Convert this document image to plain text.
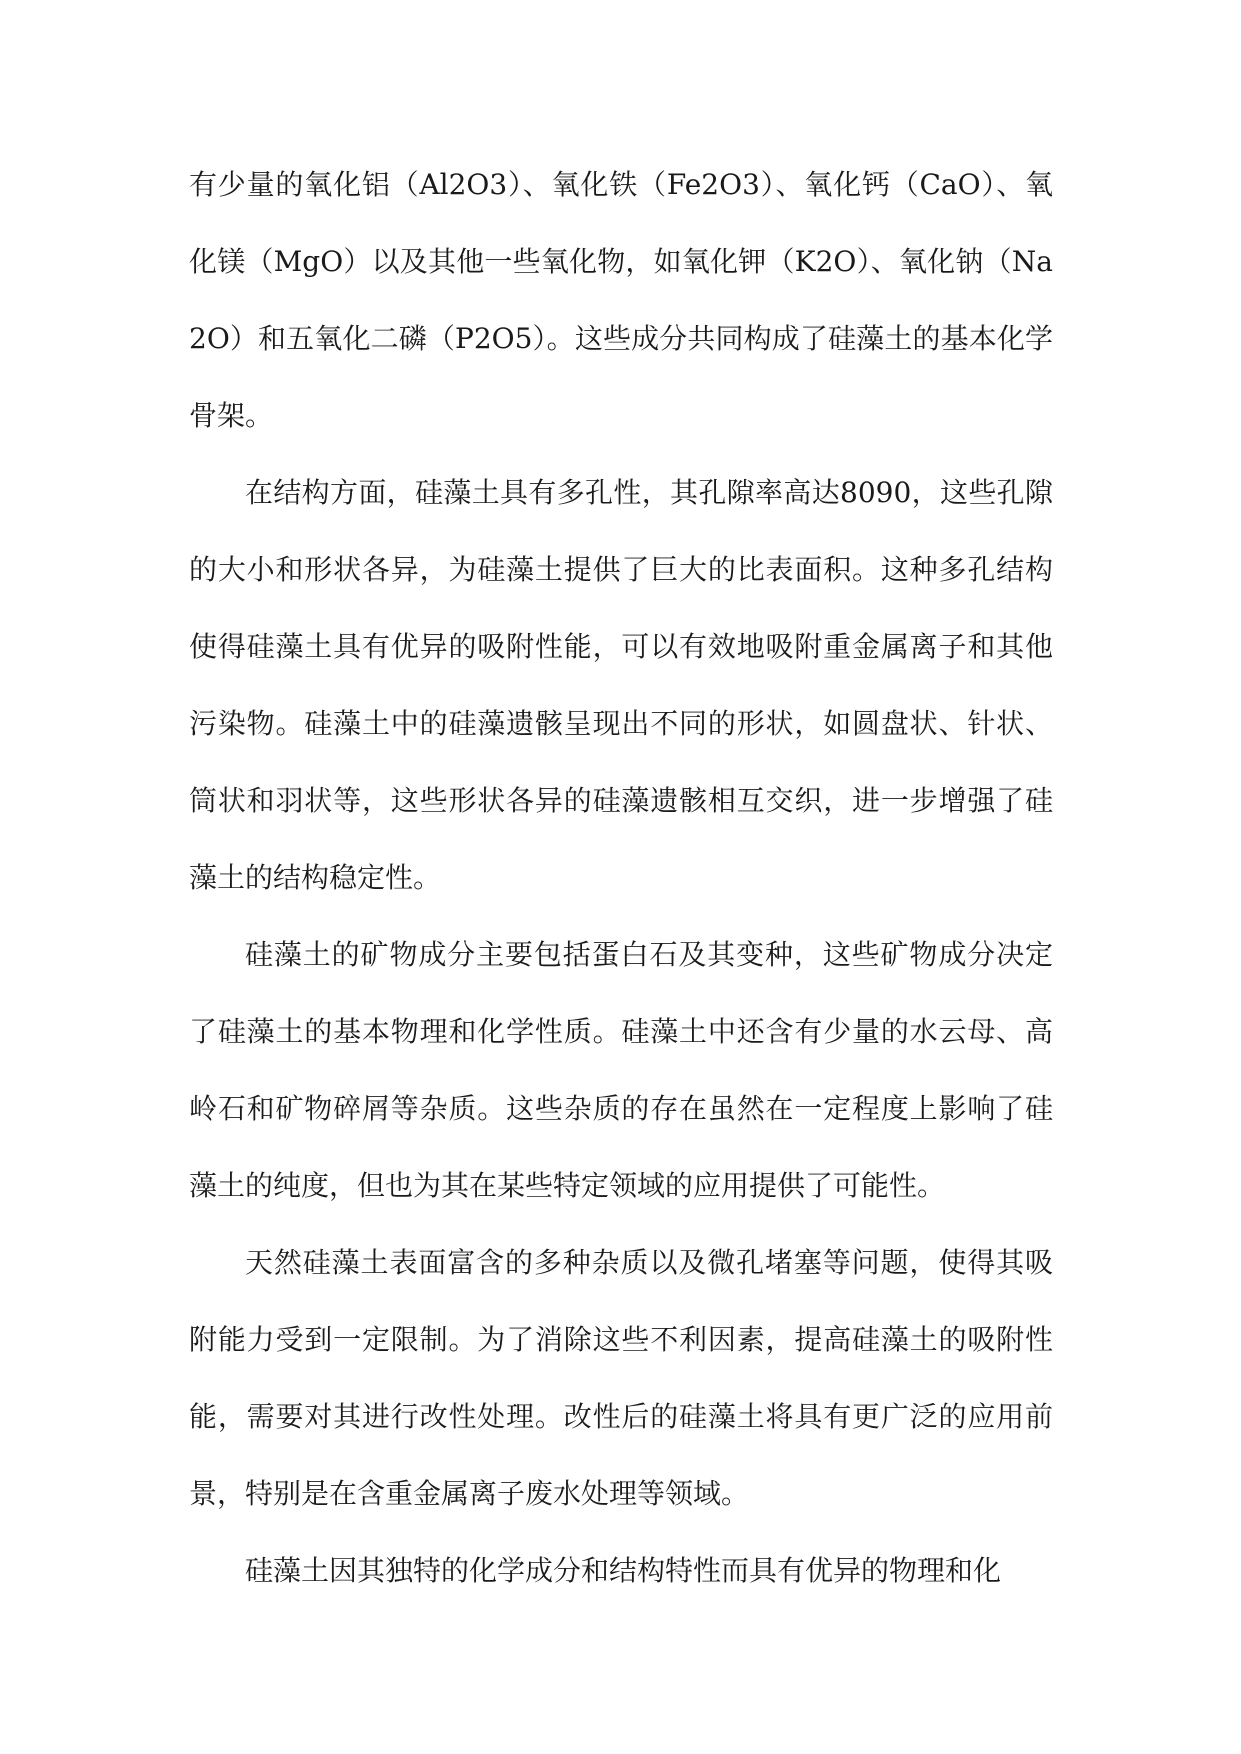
有少量的氧化铝（Al2O3）、氧化铁（Fe2O3）、氧化钙（CaO）、氧化镁（MgO）以及其他一些氧化物，如氧化钾（K2O）、氧化钠（Na2O）和五氧化二磷（P2O5）。这些成分共同构成了硅藻土的基本化学骨架。

在结构方面，硅藻土具有多孔性，其孔隙率高达8090，这些孔隙的大小和形状各异，为硅藻土提供了巨大的比表面积。这种多孔结构使得硅藻土具有优异的吸附性能，可以有效地吸附重金属离子和其他污染物。硅藻土中的硅藻遗骸呈现出不同的形状，如圆盘状、针状、筒状和羽状等，这些形状各异的硅藻遗骸相互交织，进一步增强了硅藻土的结构稳定性。

硅藻土的矿物成分主要包括蛋白石及其变种，这些矿物成分决定了硅藻土的基本物理和化学性质。硅藻土中还含有少量的水云母、高岭石和矿物碎屑等杂质。这些杂质的存在虽然在一定程度上影响了硅藻土的纯度，但也为其在某些特定领域的应用提供了可能性。

天然硅藻土表面富含的多种杂质以及微孔堵塞等问题，使得其吸附能力受到一定限制。为了消除这些不利因素，提高硅藻土的吸附性能，需要对其进行改性处理。改性后的硅藻土将具有更广泛的应用前景，特别是在含重金属离子废水处理等领域。

硅藻土因其独特的化学成分和结构特性而具有优异的物理和化
